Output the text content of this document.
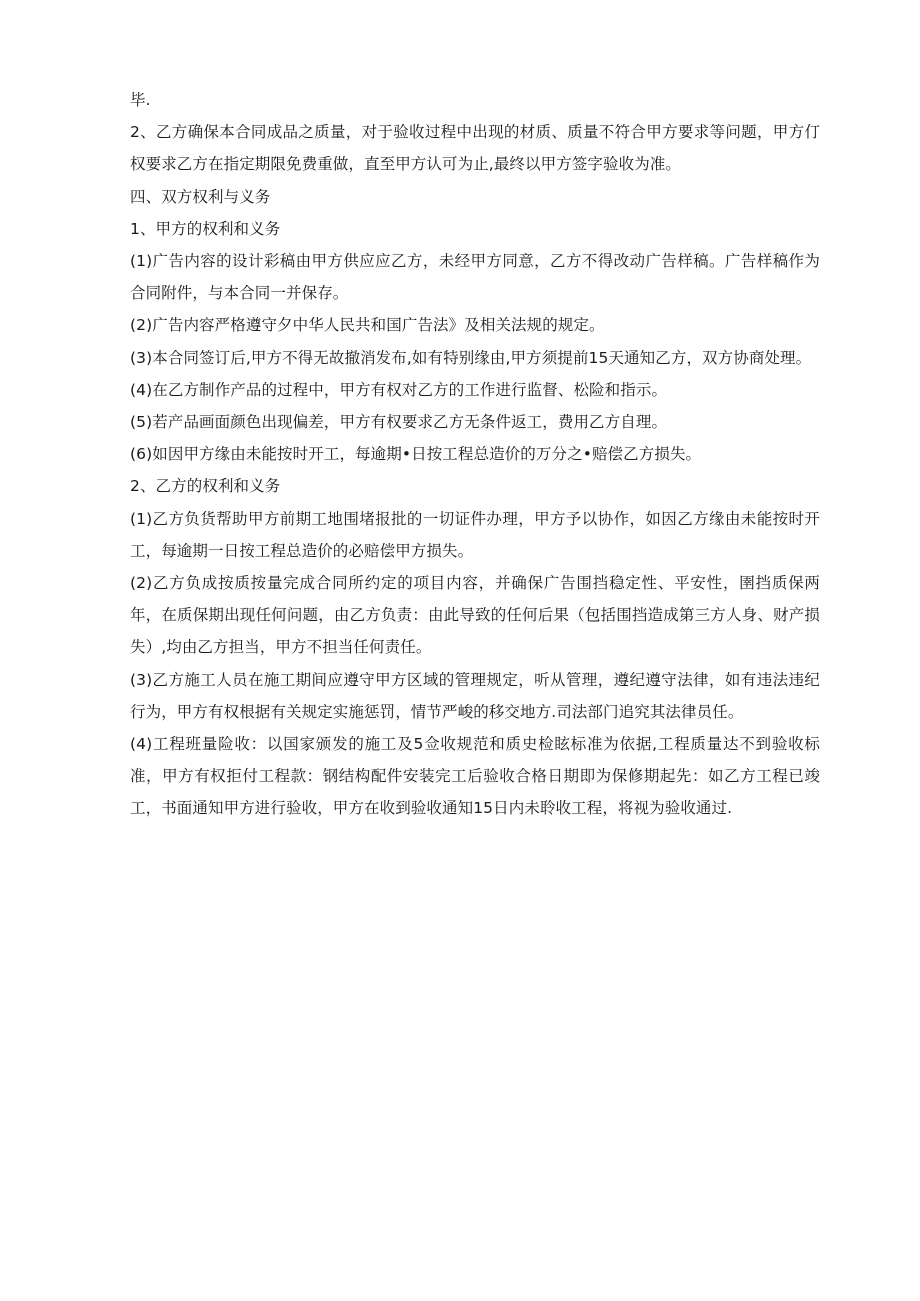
毕.

2、乙方确保本合同成品之质量，对于验收过程中出现的材质、质量不符合甲方要求等问题，甲方仃权要求乙方在指定期限免费重做，直至甲方认可为止,最终以甲方签字验收为准。

四、双方权利与义务

1、甲方的权利和义务

(1)广告内容的设计彩稿由甲方供应应乙方，未经甲方同意，乙方不得改动广告样稿。广告样稿作为合同附件，与本合同一并保存。

(2)广告内容严格遵守夕中华人民共和国广告法》及相关法规的规定。

(3)本合同签订后,甲方不得无故撤消发布,如有特别缘由,甲方须提前15天通知乙方，双方协商处理。

(4)在乙方制作产品的过程中，甲方有权对乙方的工作进行监督、松险和指示。

(5)若产品画面颜色出现偏差，甲方有权要求乙方无条件返工，费用乙方自理。

(6)如因甲方缘由未能按时开工，每逾期•日按工程总造价的万分之•赔偿乙方损失。

2、乙方的权利和义务

(1)乙方负货帮助甲方前期工地围堵报批的一切证件办理，甲方予以协作，如因乙方缘由未能按时开工，每逾期一日按工程总造价的必赔偿甲方损失。

(2)乙方负成按质按量完成合同所约定的项目内容，并确保广告围挡稳定性、平安性，圉挡质保两年，在质保期出现任何问题，由乙方负责：由此导致的任何后果（包括围挡造成第三方人身、财产损失）,均由乙方担当，甲方不担当任何责任。

(3)乙方施工人员在施工期间应遵守甲方区域的管理规定，听从管理，遵纪遵守法律，如有违法违纪行为，甲方有权根据有关规定实施惩罚，情节严峻的移交地方.司法部门追究其法律员任。

(4)工程班量险收：以国家颁发的施工及5佥收规范和质史检眩标准为依据,工程质量达不到验收标准，甲方有权拒付工程款：钢结构配件安装完工后验收合格日期即为保修期起先：如乙方工程已竣工，书面通知甲方进行验收，甲方在收到验收通知15日内未聆收工程，将视为验收通过.
